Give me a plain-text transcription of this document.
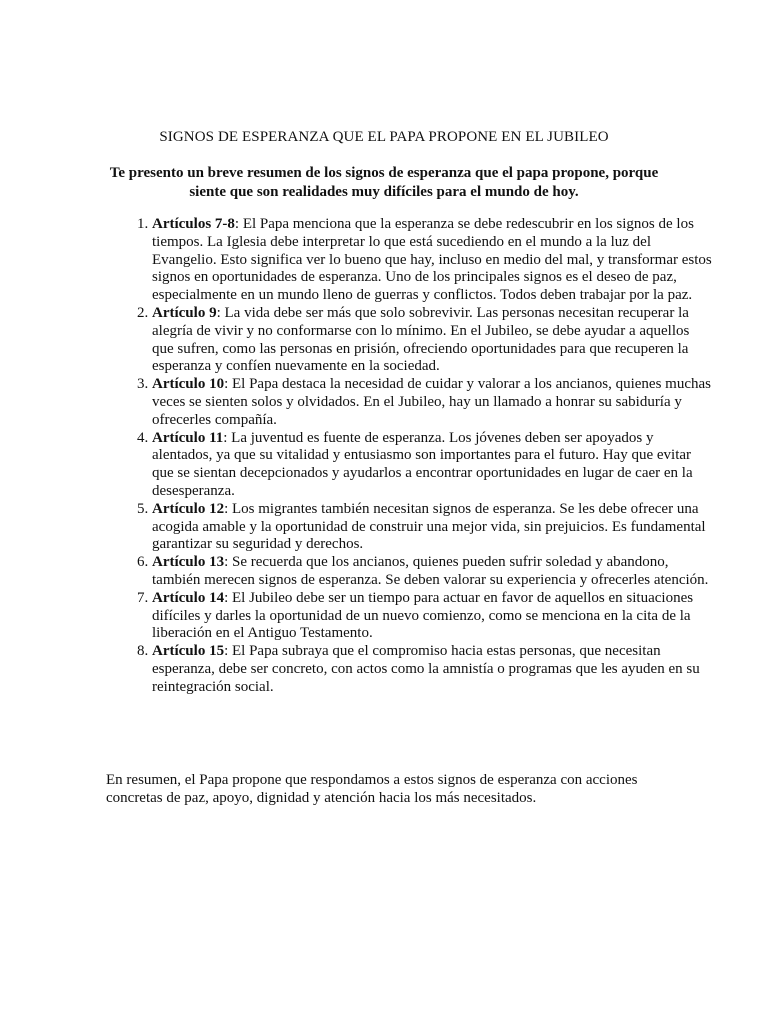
SIGNOS DE ESPERANZA QUE EL PAPA PROPONE EN EL JUBILEO
Te presento un breve resumen de los signos de esperanza que el papa propone, porque siente que son realidades muy difíciles para el mundo de hoy.
1. Artículos 7-8: El Papa menciona que la esperanza se debe redescubrir en los signos de los tiempos. La Iglesia debe interpretar lo que está sucediendo en el mundo a la luz del Evangelio. Esto significa ver lo bueno que hay, incluso en medio del mal, y transformar estos signos en oportunidades de esperanza. Uno de los principales signos es el deseo de paz, especialmente en un mundo lleno de guerras y conflictos. Todos deben trabajar por la paz.
2. Artículo 9: La vida debe ser más que solo sobrevivir. Las personas necesitan recuperar la alegría de vivir y no conformarse con lo mínimo. En el Jubileo, se debe ayudar a aquellos que sufren, como las personas en prisión, ofreciendo oportunidades para que recuperen la esperanza y confíen nuevamente en la sociedad.
3. Artículo 10: El Papa destaca la necesidad de cuidar y valorar a los ancianos, quienes muchas veces se sienten solos y olvidados. En el Jubileo, hay un llamado a honrar su sabiduría y ofrecerles compañía.
4. Artículo 11: La juventud es fuente de esperanza. Los jóvenes deben ser apoyados y alentados, ya que su vitalidad y entusiasmo son importantes para el futuro. Hay que evitar que se sientan decepcionados y ayudarlos a encontrar oportunidades en lugar de caer en la desesperanza.
5. Artículo 12: Los migrantes también necesitan signos de esperanza. Se les debe ofrecer una acogida amable y la oportunidad de construir una mejor vida, sin prejuicios. Es fundamental garantizar su seguridad y derechos.
6. Artículo 13: Se recuerda que los ancianos, quienes pueden sufrir soledad y abandono, también merecen signos de esperanza. Se deben valorar su experiencia y ofrecerles atención.
7. Artículo 14: El Jubileo debe ser un tiempo para actuar en favor de aquellos en situaciones difíciles y darles la oportunidad de un nuevo comienzo, como se menciona en la cita de la liberación en el Antiguo Testamento.
8. Artículo 15: El Papa subraya que el compromiso hacia estas personas, que necesitan esperanza, debe ser concreto, con actos como la amnistía o programas que les ayuden en su reintegración social.

En resumen, el Papa propone que respondamos a estos signos de esperanza con acciones concretas de paz, apoyo, dignidad y atención hacia los más necesitados.
